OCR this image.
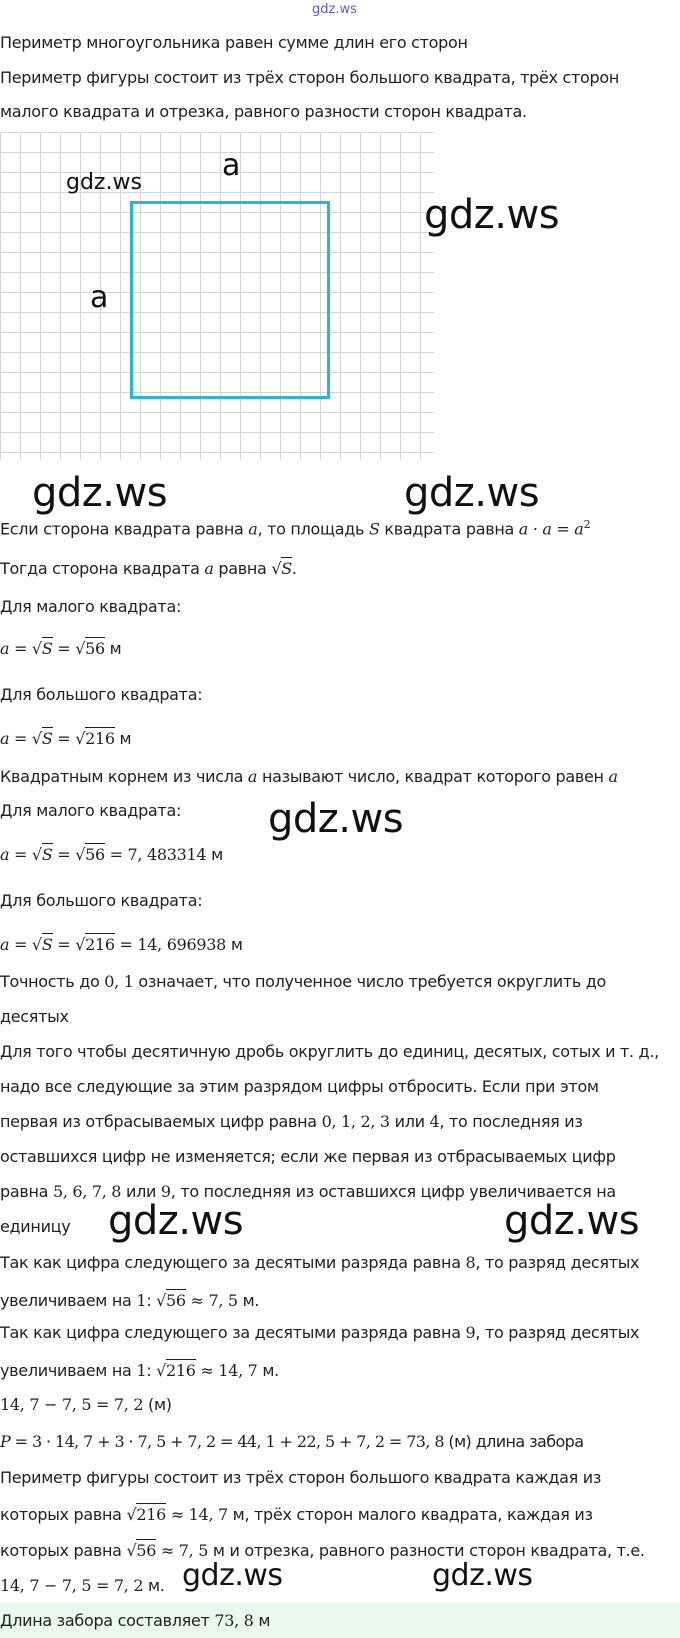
gdz.ws
Периметр многоугольника равен сумме длин его сторон
Периметр фигуры состоит из трёх сторон большого квадрата, трёх сторон
малого квадрата и отрезка, равного разности сторон квадрата.
a
a
gdz.ws
gdz.ws
gdz.ws	gdz.ws
Если сторона квадрата равна a, то площадь S квадрата равна $a \cdot a = a^2$
Тогда сторона квадрата a равна √S.
Для малого квадрата:
a = √S = √56 м
Для большого квадрата:
a = √S = √216 м
Квадратным корнем из числа a называют число, квадрат которого равен a
Для малого квадрата: gdz.ws
a = √S = √56 = 7, 483314 м
Для большого квадрата:
a = √S = √216 = 14, 696938 м
Точность до 0, 1 означает, что полученное число требуется округлить до
десятых
Для того чтобы десятичную дробь округлить до единиц, десятых, сотых и т. д.,
надо все следующие за этим разрядом цифры отбросить. Если при этом
первая из отбрасываемых цифр равна 0, 1, 2, 3 или 4, то последняя из
оставшихся цифр не изменяется; если же первая из отбрасываемых цифр
равна 5, 6, 7, 8 или 9, то последняя из оставшихся цифр увеличивается на
единицу gdz.ws	gdz.ws
Так как цифра следующего за десятыми разряда равна 8, то разряд десятых
увеличиваем на 1: √56 ≈ 7, 5 м.
Так как цифра следующего за десятыми разряда равна 9, то разряд десятых
увеличиваем на 1: √216 ≈ 14, 7 м.
14, 7 − 7, 5 = 7, 2 (м)
P = 3 · 14, 7 + 3 · 7, 5 + 7, 2 = 44, 1 + 22, 5 + 7, 2 = 73, 8 (м) длина забора
Периметр фигуры состоит из трёх сторон большого квадрата каждая из
которых равна √216 ≈ 14, 7 м, трёх сторон малого квадрата, каждая из
которых равна √56 ≈ 7, 5 м и отрезка, равного разности сторон квадрата, т.е.
14, 7 − 7, 5 = 7, 2 м. gdz.ws	gdz.ws
Длина забора составляет 73, 8 м
